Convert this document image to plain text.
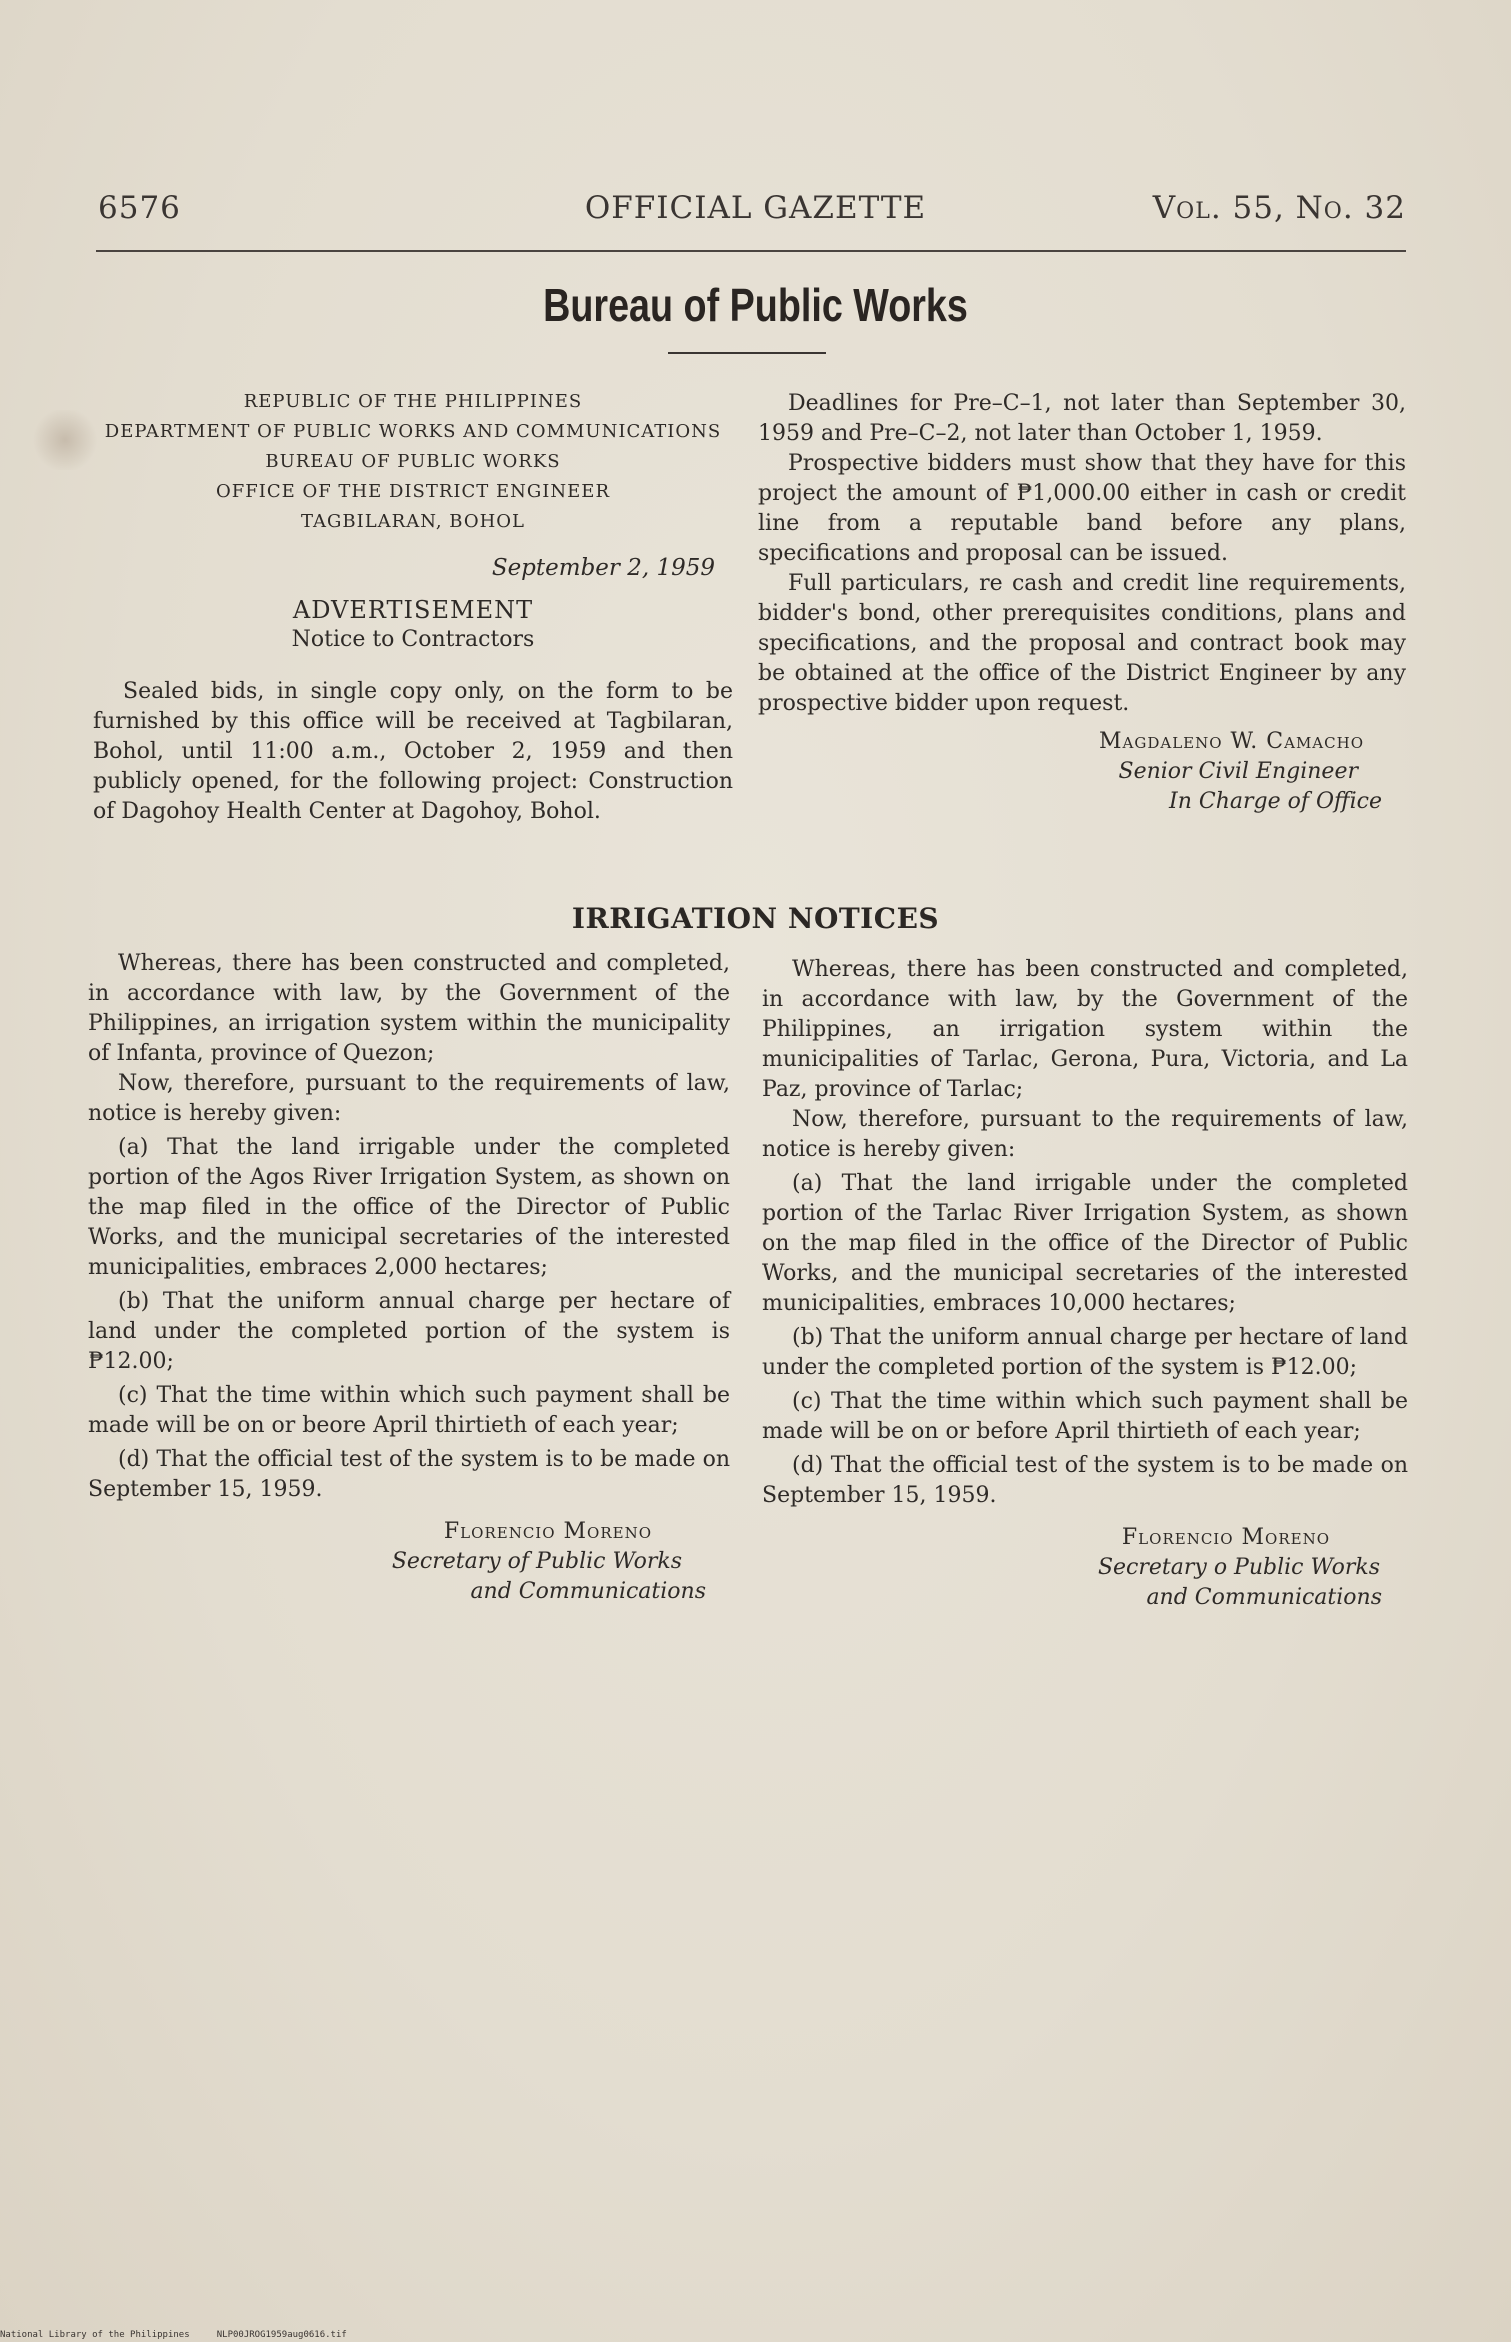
6576	OFFICIAL GAZETTE	Vol. 55, No. 32
Bureau of Public Works
REPUBLIC OF THE PHILIPPINES
DEPARTMENT OF PUBLIC WORKS AND COMMUNICATIONS
BUREAU OF PUBLIC WORKS
OFFICE OF THE DISTRICT ENGINEER
TAGBILARAN, BOHOL
September 2, 1959
ADVERTISEMENT
Notice to Contractors

Sealed bids, in single copy only, on the form to be furnished by this office will be received at Tagbilaran, Bohol, until 11:00 a.m., October 2, 1959 and then publicly opened, for the following project: Construction of Dagohoy Health Center at Dagohoy, Bohol.

Deadlines for Pre–C–1, not later than September 30, 1959 and Pre–C–2, not later than October 1, 1959.

Prospective bidders must show that they have for this project the amount of ₱1,000.00 either in cash or credit line from a reputable band before any plans, specifications and proposal can be issued.

Full particulars, re cash and credit line requirements, bidder's bond, other prerequisites conditions, plans and specifications, and the proposal and contract book may be obtained at the office of the District Engineer by any prospective bidder upon request.

Magdaleno W. Camacho
Senior Civil Engineer
In Charge of Office
IRRIGATION NOTICES

Whereas, there has been constructed and completed, in accordance with law, by the Government of the Philippines, an irrigation system within the municipality of Infanta, province of Quezon;

Now, therefore, pursuant to the requirements of law, notice is hereby given:

(a) That the land irrigable under the completed portion of the Agos River Irrigation System, as shown on the map filed in the office of the Director of Public Works, and the municipal secretaries of the interested municipalities, embraces 2,000 hectares;

(b) That the uniform annual charge per hectare of land under the completed portion of the system is ₱12.00;

(c) That the time within which such payment shall be made will be on or beore April thirtieth of each year;

(d) That the official test of the system is to be made on September 15, 1959.

Florencio Moreno
Secretary of Public Works
and Communications

Whereas, there has been constructed and completed, in accordance with law, by the Government of the Philippines, an irrigation system within the municipalities of Tarlac, Gerona, Pura, Victoria, and La Paz, province of Tarlac;

Now, therefore, pursuant to the requirements of law, notice is hereby given:

(a) That the land irrigable under the completed portion of the Tarlac River Irrigation System, as shown on the map filed in the office of the Director of Public Works, and the municipal secretaries of the interested municipalities, embraces 10,000 hectares;

(b) That the uniform annual charge per hectare of land under the completed portion of the system is ₱12.00;

(c) That the time within which such payment shall be made will be on or before April thirtieth of each year;

(d) That the official test of the system is to be made on September 15, 1959.

Florencio Moreno
Secretary o Public Works
and Communications
National Library of the Philippines	NLP00JROG1959aug0616.tif
